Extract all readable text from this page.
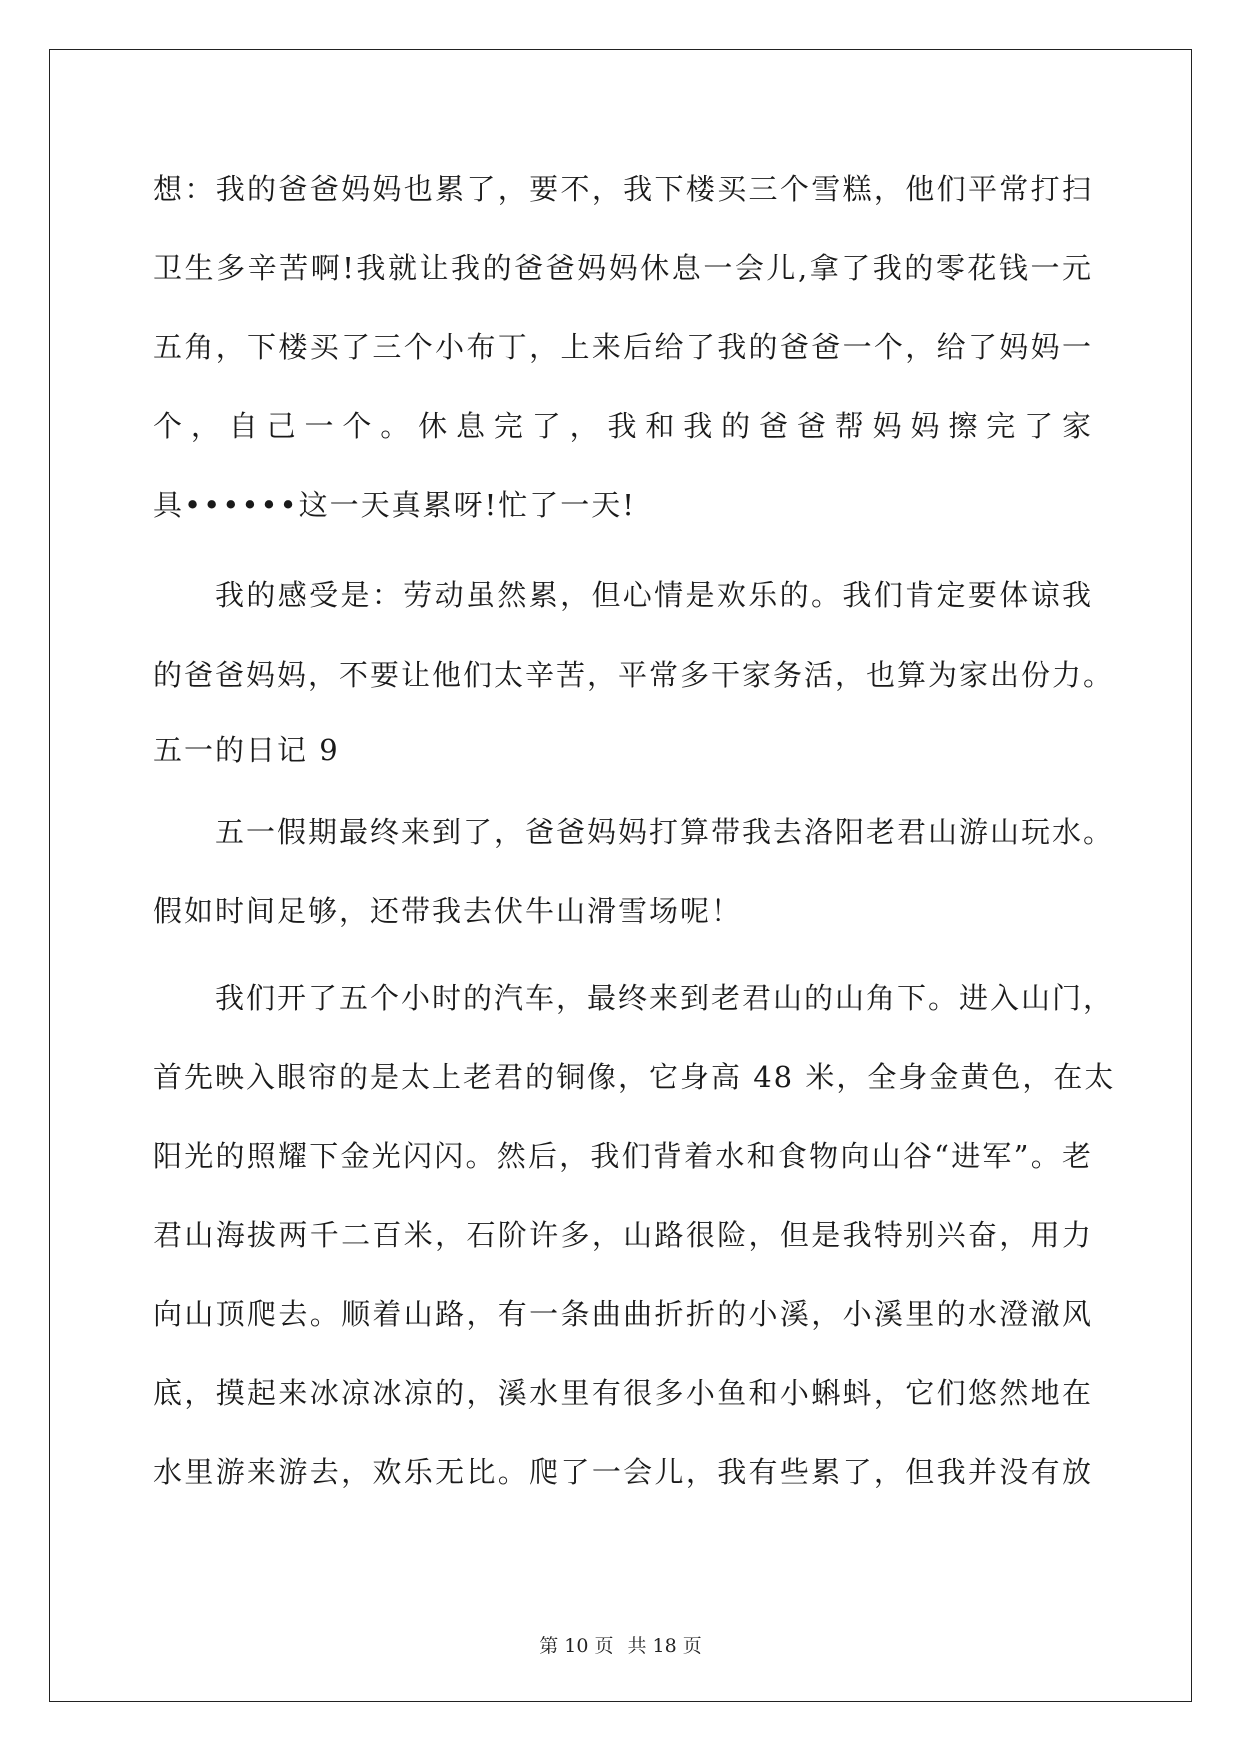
想：我的爸爸妈妈也累了，要不，我下楼买三个雪糕，他们平常打扫
卫生多辛苦啊!我就让我的爸爸妈妈休息一会儿,拿了我的零花钱一元
五角，下楼买了三个小布丁，上来后给了我的爸爸一个，给了妈妈一
个，自己一个。休息完了，我和我的爸爸帮妈妈擦完了家
具••••••这一天真累呀!忙了一天!
我的感受是：劳动虽然累，但心情是欢乐的。我们肯定要体谅我
的爸爸妈妈，不要让他们太辛苦，平常多干家务活，也算为家出份力。
五一的日记 9
五一假期最终来到了，爸爸妈妈打算带我去洛阳老君山游山玩水。
假如时间足够，还带我去伏牛山滑雪场呢！
我们开了五个小时的汽车，最终来到老君山的山角下。进入山门，
首先映入眼帘的是太上老君的铜像，它身高 48 米，全身金黄色，在太
阳光的照耀下金光闪闪。然后，我们背着水和食物向山谷“进军”。老
君山海拔两千二百米，石阶许多，山路很险，但是我特别兴奋，用力
向山顶爬去。顺着山路，有一条曲曲折折的小溪，小溪里的水澄澈风
底，摸起来冰凉冰凉的，溪水里有很多小鱼和小蝌蚪，它们悠然地在
水里游来游去，欢乐无比。爬了一会儿，我有些累了，但我并没有放
第 10 页 共 18 页
